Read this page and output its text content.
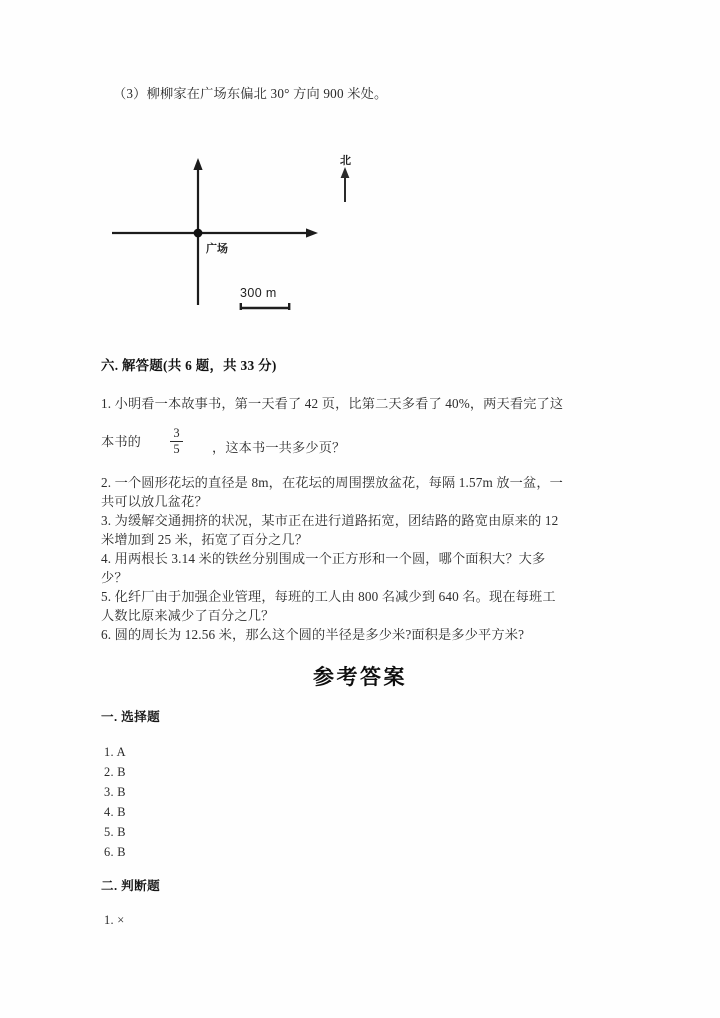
（3）柳柳家在广场东偏北 30° 方向 900 米处。
广场
北
300 m
六. 解答题(共 6 题，共 33 分)
1. 小明看一本故事书，第一天看了 42 页，比第二天多看了 40%，两天看完了这
本书的
3
5 ，这本书一共多少页？
2. 一个圆形花坛的直径是 8m，在花坛的周围摆放盆花，每隔 1.57m 放一盆，一
共可以放几盆花？
3. 为缓解交通拥挤的状况，某市正在进行道路拓宽，团结路的路宽由原来的 12
米增加到 25 米，拓宽了百分之几？
4. 用两根长 3.14 米的铁丝分别围成一个正方形和一个圆，哪个面积大？大多
少？
5. 化纤厂由于加强企业管理，每班的工人由 800 名减少到 640 名。现在每班工
人数比原来减少了百分之几？
6. 圆的周长为 12.56 米，那么这个圆的半径是多少米?面积是多少平方米?
参考答案
一. 选择题
1. A
2. B
3. B
4. B
5. B
6. B
二. 判断题
1. ×
